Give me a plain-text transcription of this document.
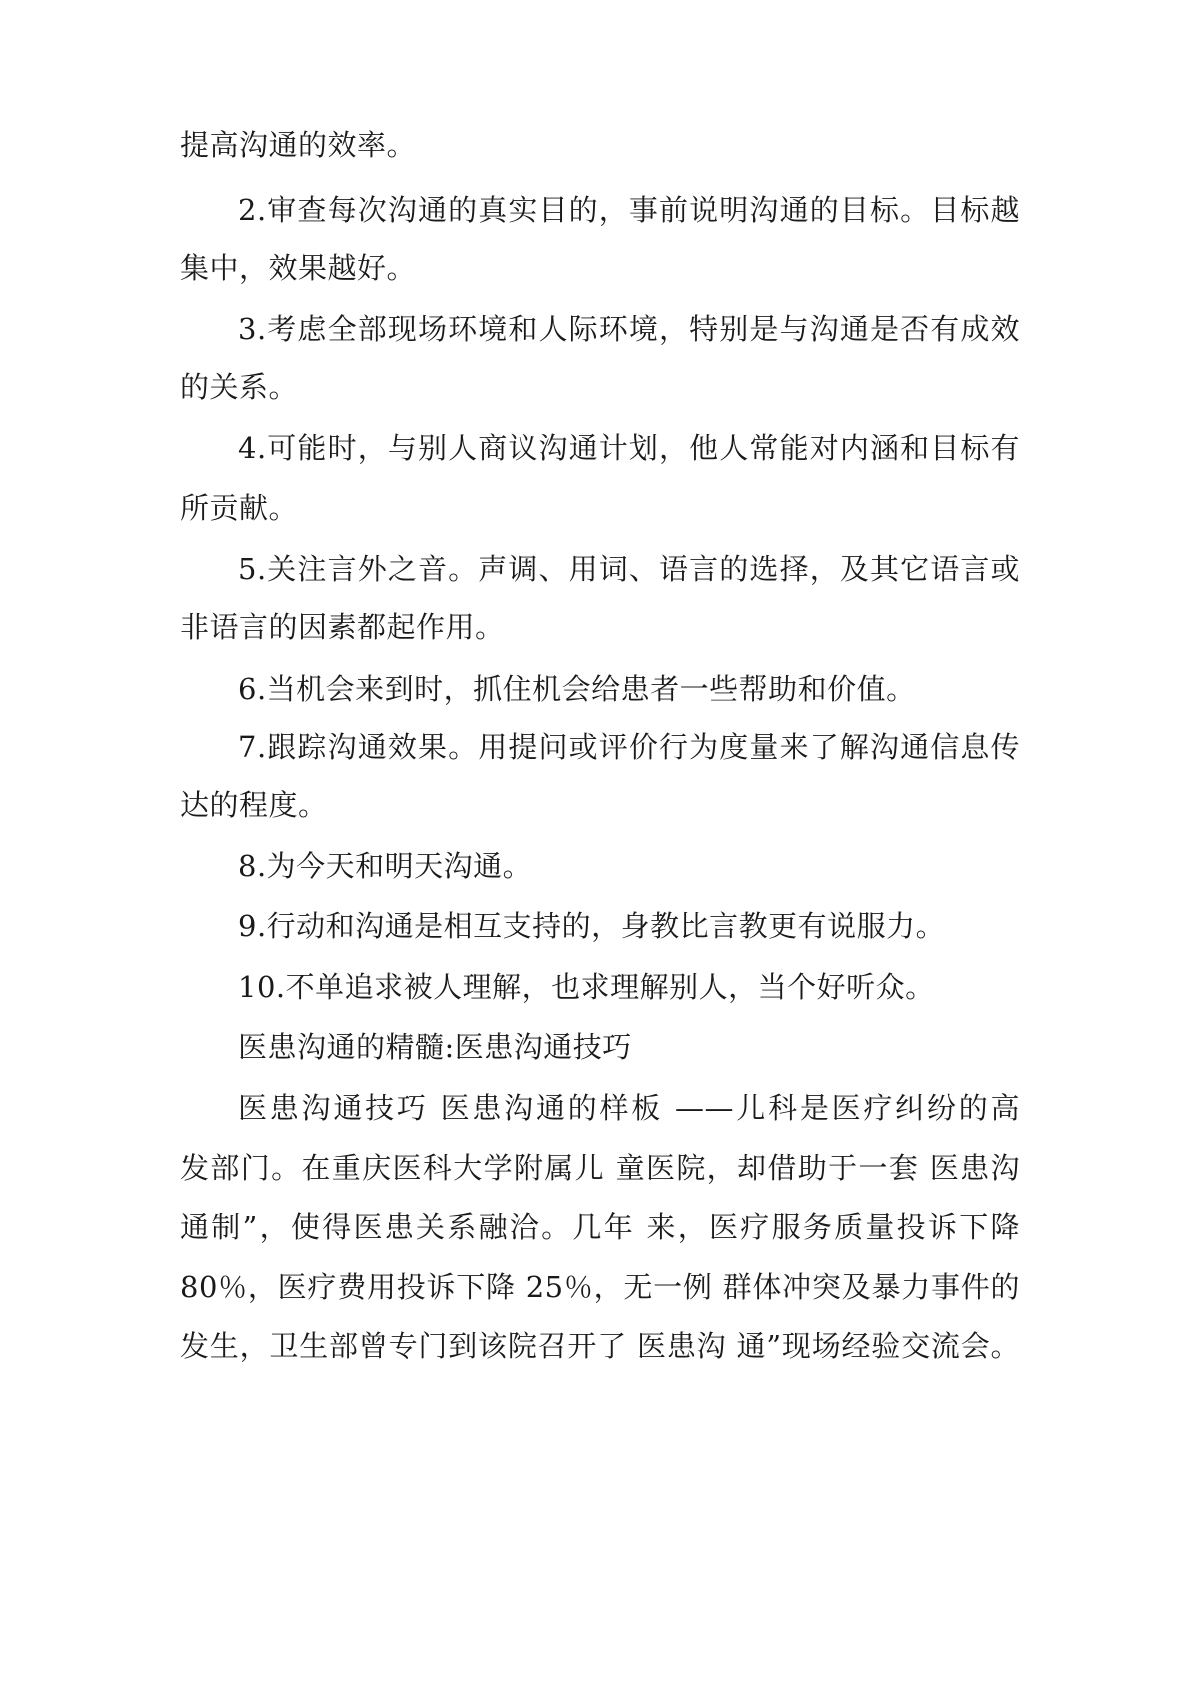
提高沟通的效率。
2.审查每次沟通的真实目的，事前说明沟通的目标。目标越
集中，效果越好。
3.考虑全部现场环境和人际环境，特别是与沟通是否有成效
的关系。
4.可能时，与别人商议沟通计划，他人常能对内涵和目标有
所贡献。
5.关注言外之音。声调、用词、语言的选择，及其它语言或
非语言的因素都起作用。
6.当机会来到时，抓住机会给患者一些帮助和价值。
7.跟踪沟通效果。用提问或评价行为度量来了解沟通信息传
达的程度。
8.为今天和明天沟通。
9.行动和沟通是相互支持的，身教比言教更有说服力。
10.不单追求被人理解，也求理解别人，当个好听众。
医患沟通的精髓:医患沟通技巧
医患沟通技巧 医患沟通的样板 ——儿科是医疗纠纷的高
发部门。在重庆医科大学附属儿 童医院，却借助于一套 医患沟
通制”，使得医患关系融洽。几年 来，医疗服务质量投诉下降
80％，医疗费用投诉下降 25％，无一例 群体冲突及暴力事件的
发生，卫生部曾专门到该院召开了 医患沟 通”现场经验交流会。
